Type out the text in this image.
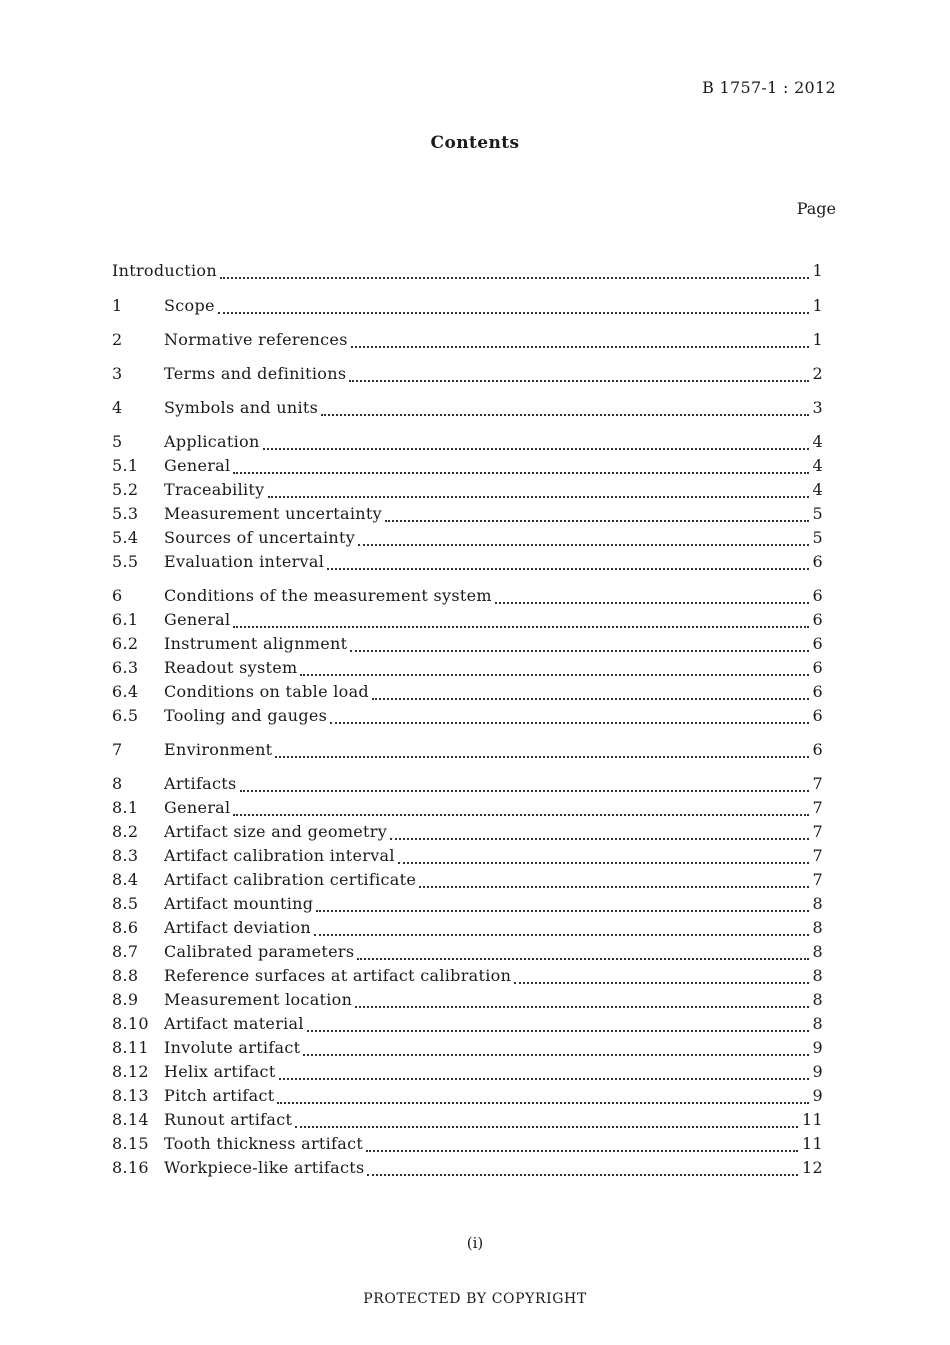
B 1757-1 : 2012
Contents
Page
Introduction	1
1	Scope	1
2	Normative references	1
3	Terms and definitions	2
4	Symbols and units	3
5	Application	4
5.1	General	4
5.2	Traceability	4
5.3	Measurement uncertainty	5
5.4	Sources of uncertainty	5
5.5	Evaluation interval	6
6	Conditions of the measurement system	6
6.1	General	6
6.2	Instrument alignment	6
6.3	Readout system	6
6.4	Conditions on table load	6
6.5	Tooling and gauges	6
7	Environment	6
8	Artifacts	7
8.1	General	7
8.2	Artifact size and geometry	7
8.3	Artifact calibration interval	7
8.4	Artifact calibration certificate	7
8.5	Artifact mounting	8
8.6	Artifact deviation	8
8.7	Calibrated parameters	8
8.8	Reference surfaces at artifact calibration	8
8.9	Measurement location	8
8.10 Artifact material	8
8.11 Involute artifact	9
8.12 Helix artifact	9
8.13 Pitch artifact	9
8.14 Runout artifact	11
8.15 Tooth thickness artifact	11
8.16 Workpiece-like artifacts	12
(i)
PROTECTED BY COPYRIGHT
